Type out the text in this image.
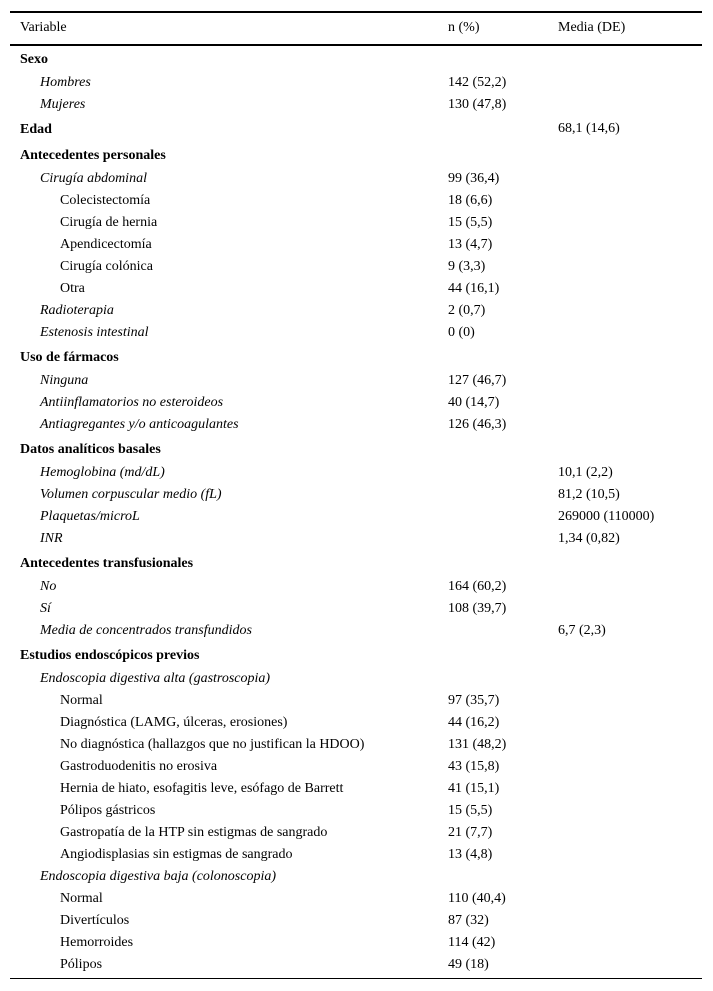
Variable	n (%)	Media (DE)
Sexo		
Hombres	142 (52,2)	
Mujeres	130 (47,8)	
Edad		68,1 (14,6)
Antecedentes personales		
Cirugía abdominal	99 (36,4)	
Colecistectomía	18 (6,6)	
Cirugía de hernia	15 (5,5)	
Apendicectomía	13 (4,7)	
Cirugía colónica	9 (3,3)	
Otra	44 (16,1)	
Radioterapia	2 (0,7)	
Estenosis intestinal	0 (0)	
Uso de fármacos		
Ninguna	127 (46,7)	
Antiinflamatorios no esteroideos	40 (14,7)	
Antiagregantes y/o anticoagulantes	126 (46,3)	
Datos analíticos basales		
Hemoglobina (md/dL)		10,1 (2,2)
Volumen corpuscular medio (fL)		81,2 (10,5)
Plaquetas/microL		269000 (110000)
INR		1,34 (0,82)
Antecedentes transfusionales		
No	164 (60,2)	
Sí	108 (39,7)	
Media de concentrados transfundidos		6,7 (2,3)
Estudios endoscópicos previos		
Endoscopia digestiva alta (gastroscopia)		
Normal	97 (35,7)	
Diagnóstica (LAMG, úlceras, erosiones)	44 (16,2)	
No diagnóstica (hallazgos que no justifican la HDOO)	131 (48,2)	
Gastroduodenitis no erosiva	43 (15,8)	
Hernia de hiato, esofagitis leve, esófago de Barrett	41 (15,1)	
Pólipos gástricos	15 (5,5)	
Gastropatía de la HTP sin estigmas de sangrado	21 (7,7)	
Angiodisplasias sin estigmas de sangrado	13 (4,8)	
Endoscopia digestiva baja (colonoscopia)		
Normal	110 (40,4)	
Divertículos	87 (32)	
Hemorroides	114 (42)	
Pólipos	49 (18)	
